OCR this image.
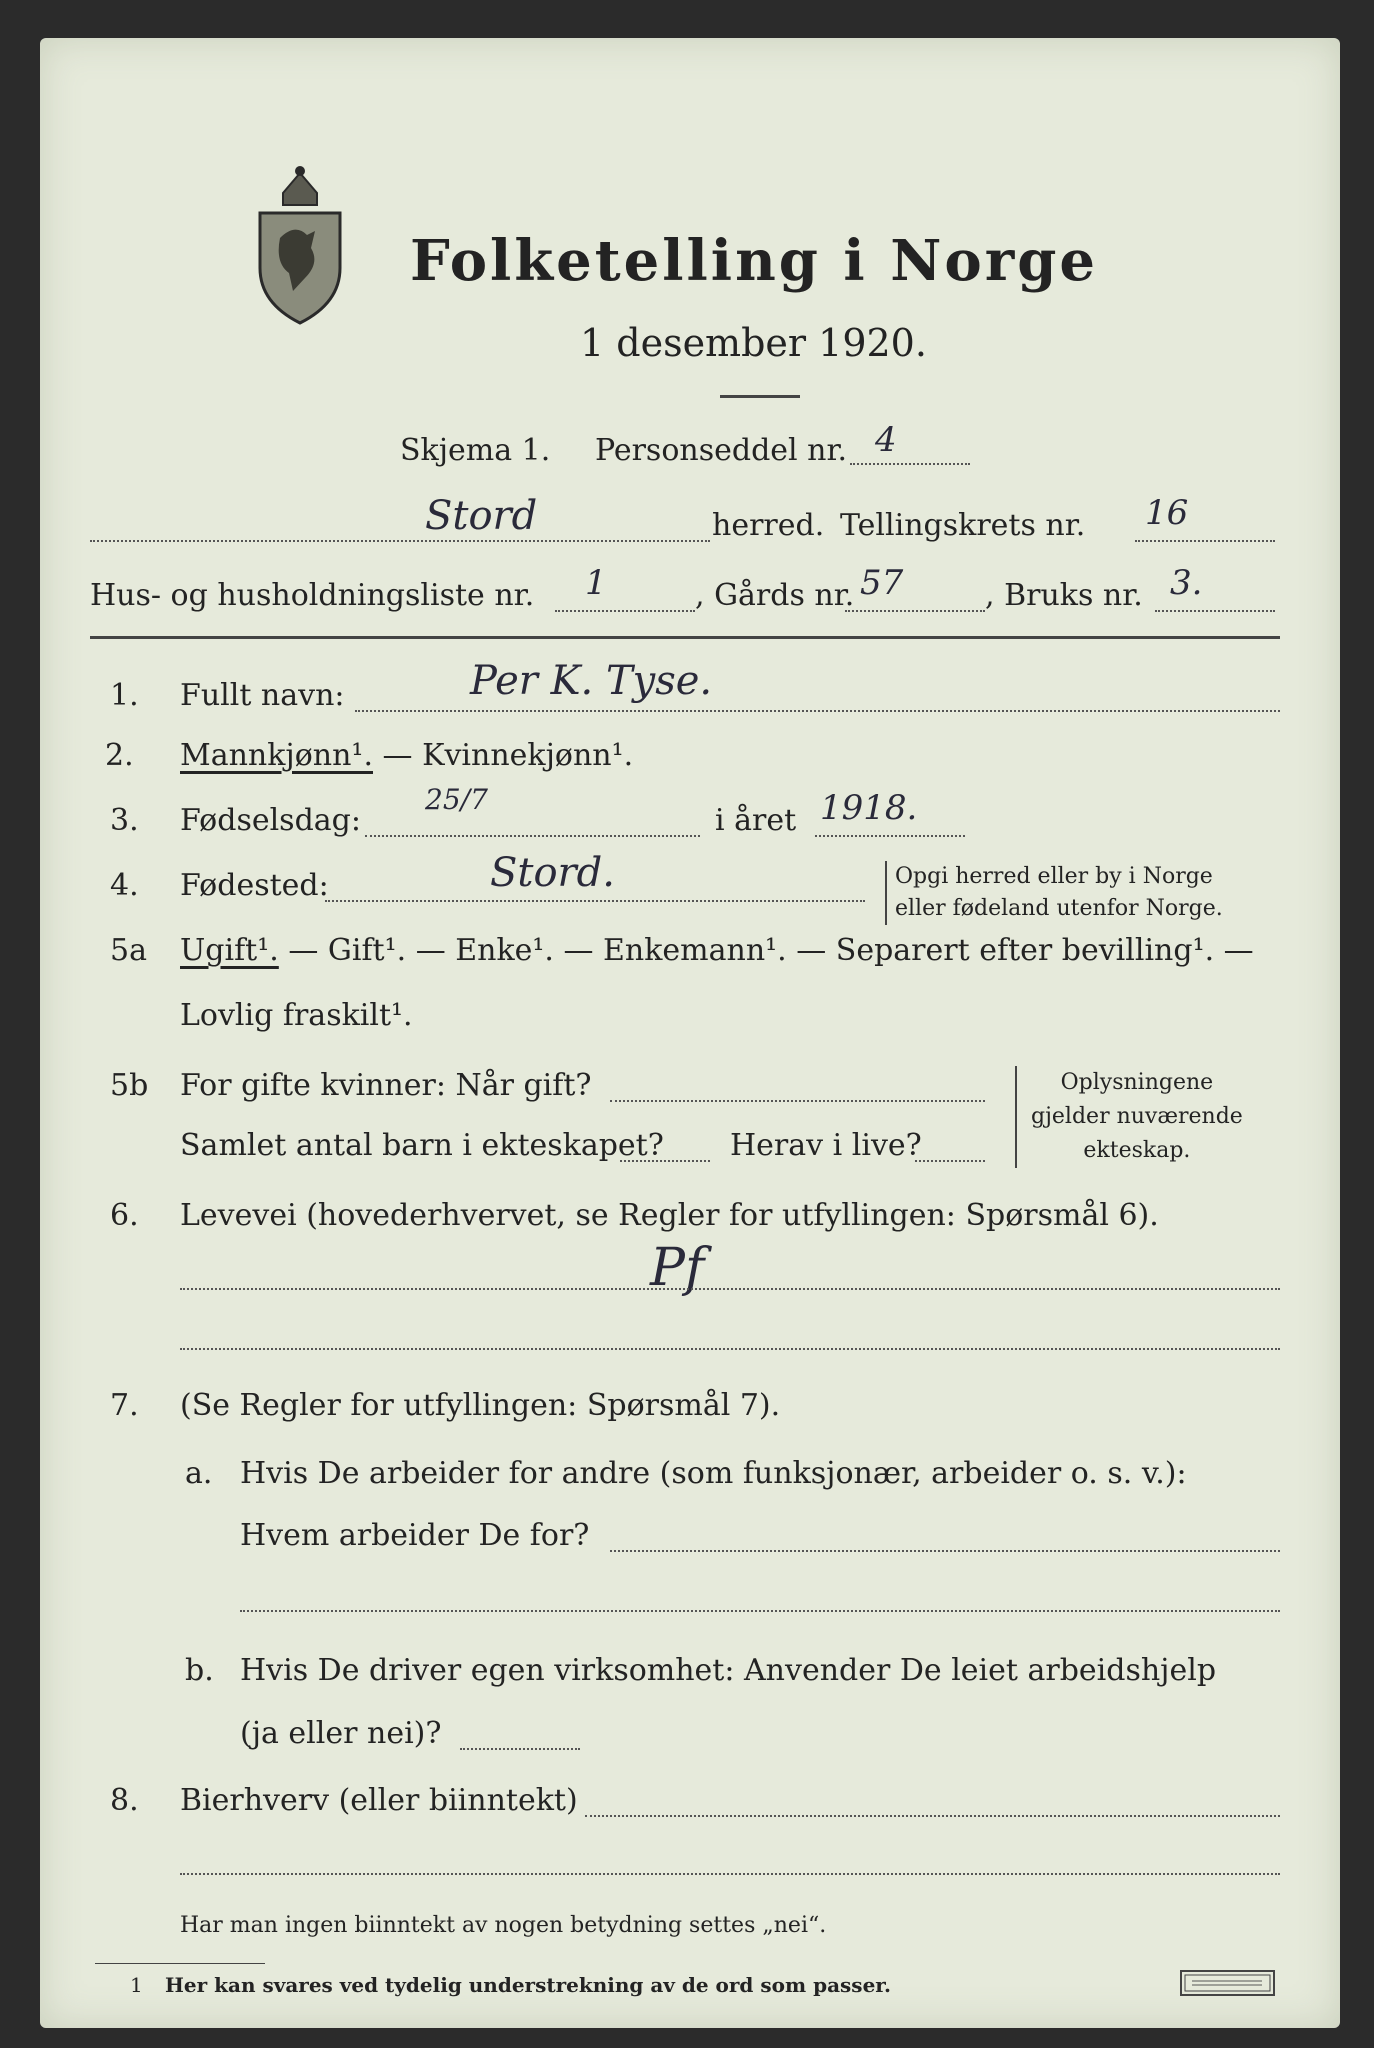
Folketelling i Norge
1 desember 1920.
Skjema 1. Personseddel nr. 4
Stord	herred. Tellingskrets nr. 16
Hus- og husholdningsliste nr. 1	, Gårds nr. 57	, Bruks nr. 3.
1. Fullt navn:	Per K. Tyse.
2. Mannkjønn¹. — Kvinnekjønn¹.
3. Fødselsdag:
25/7
i året 1918.
4. Fødested:	Stord.	Opgi herred eller by i Norge
eller fødeland utenfor Norge.
5a Ugift¹. — Gift¹. — Enke¹. — Enkemann¹. — Separert efter bevilling¹. —
Lovlig fraskilt¹.
5b For gifte kvinner: Når gift?
Samlet antal barn i ekteskapet? Herav i live?
Oplysningene
gjelder nuværende
ekteskap.
6. Levevei (hovederhvervet, se Regler for utfyllingen: Spørsmål 6).
Pf
7. (Se Regler for utfyllingen: Spørsmål 7).
a. Hvis De arbeider for andre (som funksjonær, arbeider o. s. v.):
Hvem arbeider De for?
b. Hvis De driver egen virksomhet: Anvender De leiet arbeidshjelp
(ja eller nei)?
8. Bierhverv (eller biinntekt)
Har man ingen biinntekt av nogen betydning settes „nei“.
1 Her kan svares ved tydelig understrekning av de ord som passer.
